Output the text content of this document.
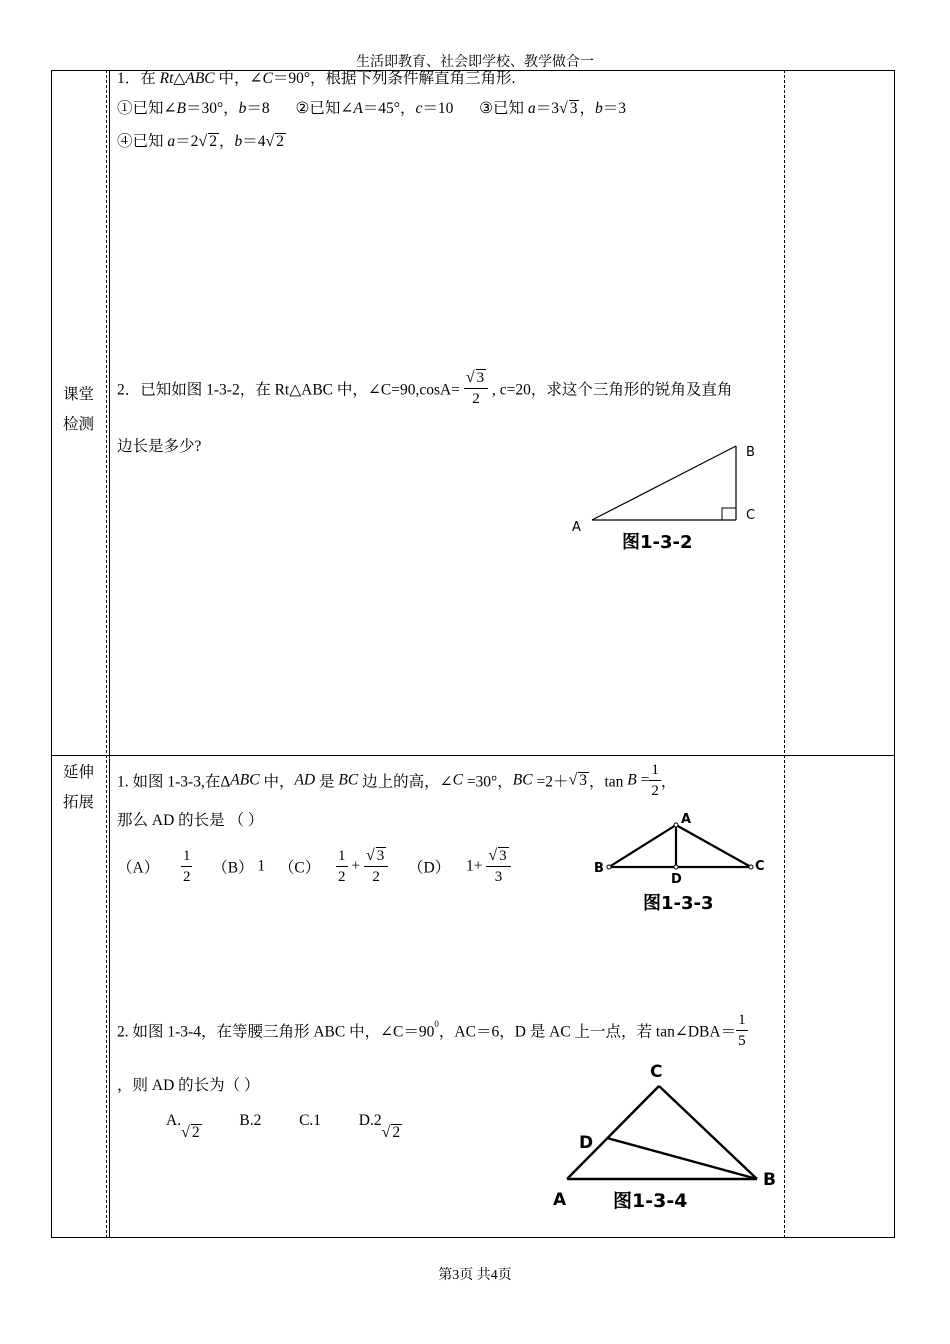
生活即教育、社会即学校、教学做合一
第3页 共4页
课堂
检测
1．在 Rt△ABC 中，∠C＝90°，根据下列条件解直角三角形.
①已知∠B＝30°，b＝8 ②已知∠A＝45°，c＝10 ③已知 a＝3√ 3 ，b＝3
④已知 a＝2√ 2 ，b＝4√ 2
2．已知如图 1-3-2，在 Rt△ABC 中，∠C=90,cosA= $\frac{√ 3}{2}$ , c=20，求这个三角形的锐角及直角
边长是多少?
A
B
C
图1-3-2
延伸
拓展
1. 如图 1-3-3,在ΔABC 中，AD 是 BC 边上的高，∠C =30°，BC =2＋√ 3 ，$\tan B = \frac{1}{2}$ ，
那么 AD 的长是 （ ）
$(A) \frac{1}{2} (B)$ 1 $(C) \frac{1}{2} + \frac{√ 3}{2} (D)$ $1+ \frac{√ 3}{3}$
A
B	C
D
图1-3-3
2. 如图 1-3-4，在等腰三角形 ABC 中，$\angle C=90^0$，AC＝6，D 是 AC 上一点，若 tan∠DBA＝ $\frac{1}{5}$
，则 AD 的长为（ ）
A.√ 2  B.2 C.1 D.2√ 2
C
D
B
A 图1-3-4
